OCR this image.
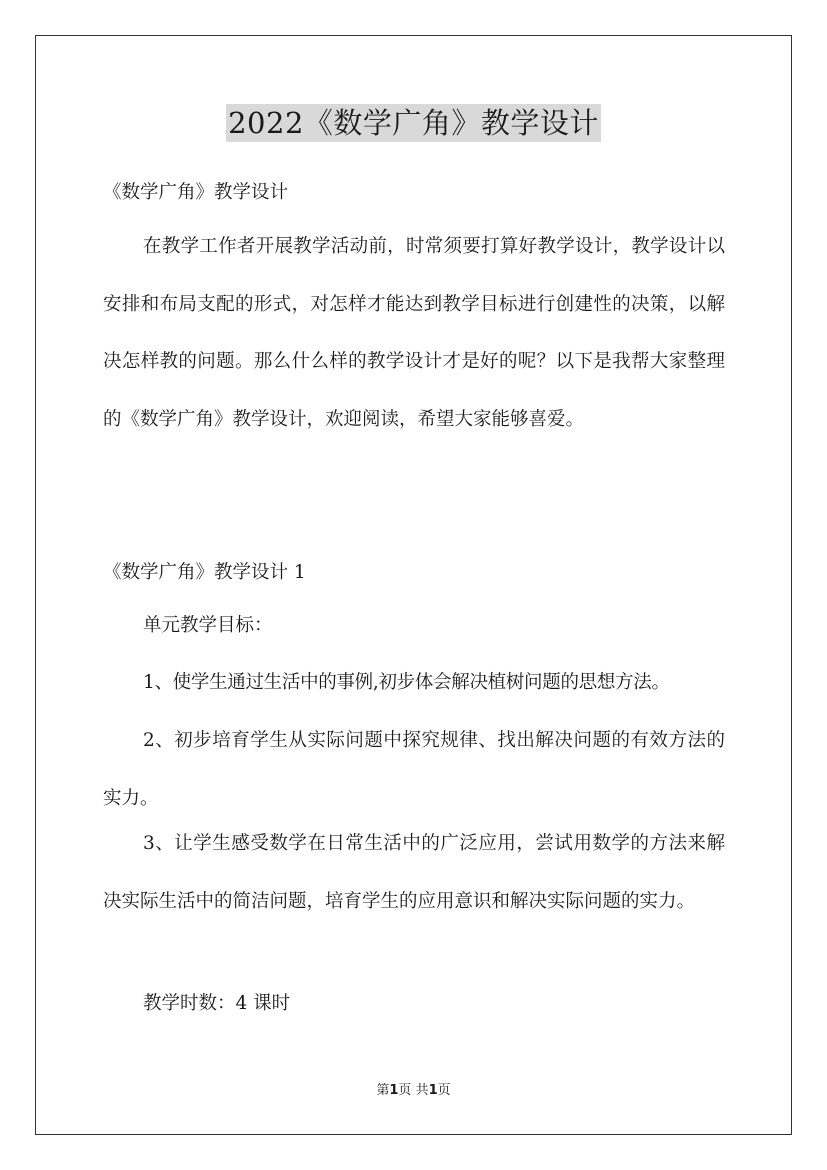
2022《数学广角》教学设计
《数学广角》教学设计
在教学工作者开展教学活动前，时常须要打算好教学设计，教学设计以安排和布局支配的形式，对怎样才能达到教学目标进行创建性的决策，以解决怎样教的问题。那么什么样的教学设计才是好的呢？以下是我帮大家整理的《数学广角》教学设计，欢迎阅读，希望大家能够喜爱。
《数学广角》教学设计 1
单元教学目标：
1、使学生通过生活中的事例,初步体会解决植树问题的思想方法。
2、初步培育学生从实际问题中探究规律、找出解决问题的有效方法的实力。
3、让学生感受数学在日常生活中的广泛应用，尝试用数学的方法来解决实际生活中的简洁问题，培育学生的应用意识和解决实际问题的实力。
教学时数：4 课时
第1页 共1页
